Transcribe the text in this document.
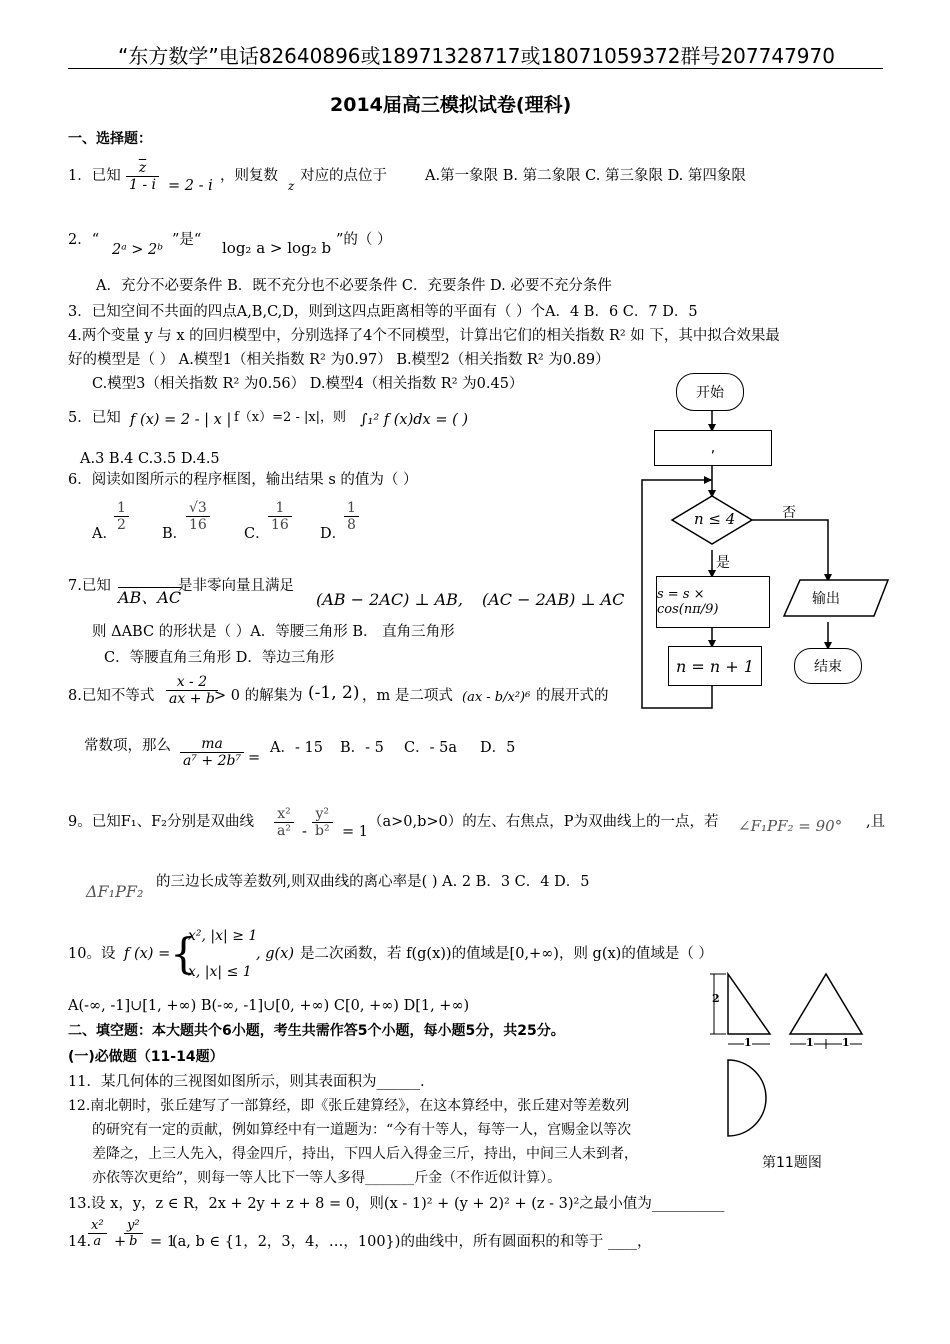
“东方数学”电话82640896或18971328717或18071059372群号207747970
2014届高三模拟试卷(理科)
一、选择题：
1．已知 $\frac{\overline{z}}{1 - i} = 2 - i$
，则复数
z
对应的点位于	A.第一象限 B. 第二象限 C. 第三象限 D. 第四象限
2．“
2ᵃ > 2ᵇ
”是“ log₂ a > log₂ b ”的（ ）
A．充分不必要条件 B．既不充分也不必要条件 C．充要条件 D. 必要不充分条件
3．已知空间不共面的四点A,B,C,D，则到这四点距离相等的平面有（ ）个A．4 B．6 C．7 D．5
4.两个变量 y 与 x 的回归模型中，分别选择了4个不同模型，计算出它们的相关指数 R² 如 下，其中拟合效果最
好的模型是（ ） A.模型1（相关指数 R² 为0.97） B.模型2（相关指数 R² 为0.89）
C.模型3（相关指数 R² 为0.56） D.模型4（相关指数 R² 为0.45）
5．已知 f (x) = 2 - | x | f（x）=2 - |x|，则 ∫₁² f (x)dx = ( )
A.3 B.4 C.3.5 D.4.5
6．阅读如图所示的程序框图，输出结果 s 的值为（ ）
A．
$\frac{1}{2}$
B．
$\frac{√3}{16}$
C．
$\frac{1}{16}$
D．
$\frac{1}{8}$
7.已知
AB、AC
是非零向量且满足
(AB − 2AC) ⊥ AB, (AC − 2AB) ⊥ AC
则 ΔABC 的形状是（ ）A．等腰三角形 B． 直角三角形
C．等腰直角三角形 D．等边三角形
8.已知不等式 $\frac{x - 2}{ax + b}$
> 0 的解集为 (-1, 2) ，m 是二项式 (ax - b/x²)⁶ 的展开式的
常数项，那么 $\frac{ma}{\text{a⁷ + 2b⁷}}$ =
A．- 15 B．- 5 C．- 5a D．5
9。已知F₁、F₂分别是双曲线 $\frac{\text{x²}}{\text{a²}} - \frac{\text{y²}}{\text{b²}} = 1$
（a>0,b>0）的左、右焦点，P为双曲线上的一点，若 ∠F₁PF₂ = 90° ,且
ΔF₁PF₂ 的三边长成等差数列,则双曲线的离心率是( ) A. 2 B．3 C．4 D．5
10。设 f (x) = {
x², |x| ≥ 1
x, |x| ≤ 1
, g(x) 是二次函数，若 f(g(x))的值域是[0,+∞)，则 g(x)的值域是（ ）
A(-∞, -1]∪[1, +∞) B(-∞, -1]∪[0, +∞) C[0, +∞) D[1, +∞)
二、填空题：本大题共个6小题，考生共需作答5个小题，每小题5分，共25分。
(一)必做题（11-14题）
11．某几何体的三视图如图所示，则其表面积为______.
12.南北朝时，张丘建写了一部算经，即《张丘建算经》，在这本算经中，张丘建对等差数列
的研究有一定的贡献，例如算经中有一道题为：“今有十等人，每等一人，宫赐金以等次
差降之，上三人先入，得金四斤，持出，下四人后入得金三斤，持出，中间三人未到者，
亦依等次更给”，则每一等人比下一等人多得_______斤金（不作近似计算）。
13.设 x，y，z ∈ R，2x + 2y + z + 8 = 0，则(x - 1)² + (y + 2)² + (z - 3)²之最小值为__________
14.
$\frac{\text{x²}}{a}$ +
$\frac{\text{y²}}{b} = 1$
(a, b ∈ {1，2，3，4，…，100})的曲线中，所有圆面积的和等于 ____，
开始
,
n ≤ 4	否
是
s = s × cos(nπ/9)
n = n + 1
输出
结束
2
1	1	1
第11题图
